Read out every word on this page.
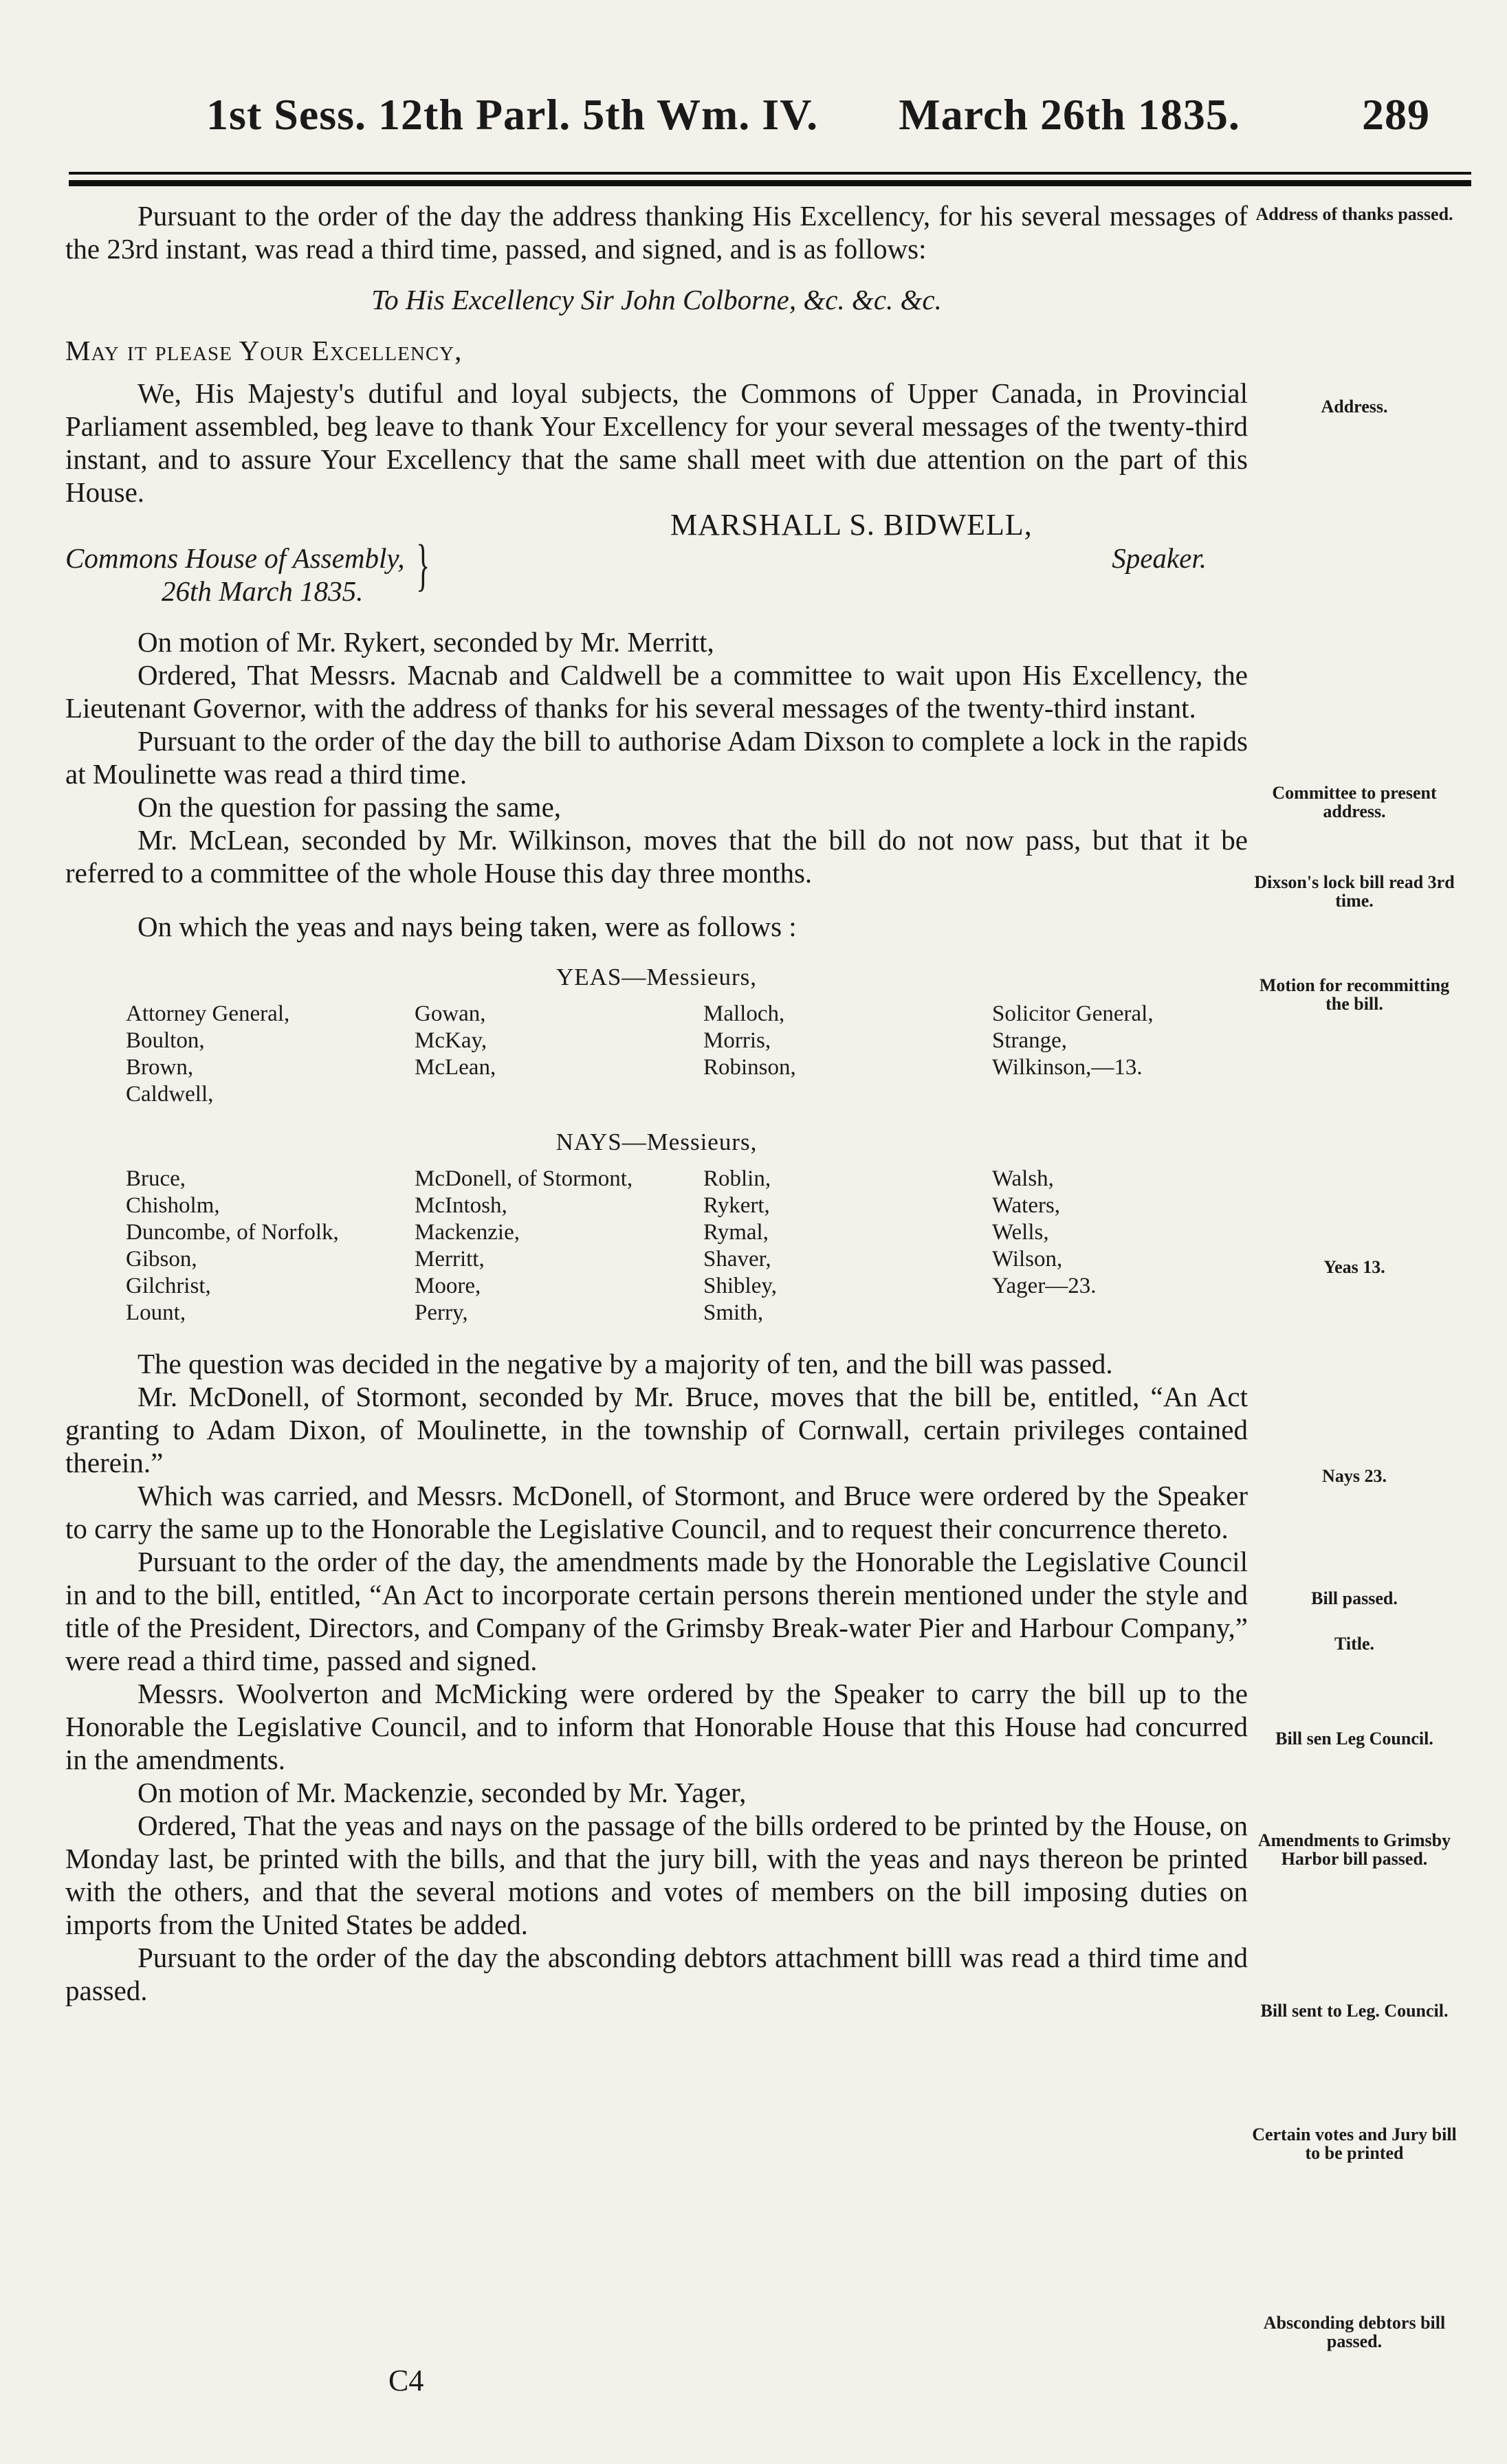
1st Sess. 12th Parl. 5th Wm. IV. March 26th 1835.	289

Pursuant to the order of the day the address thanking His Excellency, for his several messages of the 23rd instant, was read a third time, passed, and signed, and is as follows:

To His Excellency Sir John Colborne, &c. &c. &c.

May it please Your Excellency,

We, His Majesty's dutiful and loyal subjects, the Commons of Upper Canada, in Provincial Parliament assembled, beg leave to thank Your Excellency for your several messages of the twenty-third instant, and to assure Your Excellency that the same shall meet with due attention on the part of this House.

MARSHALL S. BIDWELL,

Commons House of Assembly,
26th March 1835. }	Speaker.

On motion of Mr. Rykert, seconded by Mr. Merritt,

Ordered, That Messrs. Macnab and Caldwell be a committee to wait upon His Excellency, the Lieutenant Governor, with the address of thanks for his several messages of the twenty-third instant.

Pursuant to the order of the day the bill to authorise Adam Dixson to complete a lock in the rapids at Moulinette was read a third time.

On the question for passing the same,

Mr. McLean, seconded by Mr. Wilkinson, moves that the bill do not now pass, but that it be referred to a committee of the whole House this day three months.

On which the yeas and nays being taken, were as follows :

YEAS—Messieurs,
Attorney General,	Gowan,	Malloch,	Solicitor General,
Boulton,	McKay,	Morris,	Strange,
Brown,	McLean,	Robinson,	Wilkinson,—13.
Caldwell,
NAYS—Messieurs,
Bruce,	McDonell, of Stormont,	Roblin,	Walsh,
Chisholm,	McIntosh,	Rykert,	Waters,
Duncombe, of Norfolk,	Mackenzie,	Rymal,	Wells,
Gibson,	Merritt,	Shaver,	Wilson,
Gilchrist,	Moore,	Shibley,	Yager—23.
Lount,	Perry,	Smith,

The question was decided in the negative by a majority of ten, and the bill was passed.

Mr. McDonell, of Stormont, seconded by Mr. Bruce, moves that the bill be, entitled, “An Act granting to Adam Dixon, of Moulinette, in the township of Cornwall, certain privileges contained therein.”

Which was carried, and Messrs. McDonell, of Stormont, and Bruce were ordered by the Speaker to carry the same up to the Honorable the Legislative Council, and to request their concurrence thereto.

Pursuant to the order of the day, the amendments made by the Honorable the Legislative Council in and to the bill, entitled, “An Act to incorporate certain persons therein mentioned under the style and title of the President, Directors, and Company of the Grimsby Break-water Pier and Harbour Company,” were read a third time, passed and signed.

Messrs. Woolverton and McMicking were ordered by the Speaker to carry the bill up to the Honorable the Legislative Council, and to inform that Honorable House that this House had concurred in the amendments.

On motion of Mr. Mackenzie, seconded by Mr. Yager,

Ordered, That the yeas and nays on the passage of the bills ordered to be printed by the House, on Monday last, be printed with the bills, and that the jury bill, with the yeas and nays thereon be printed with the others, and that the several motions and votes of members on the bill imposing duties on imports from the United States be added.

Pursuant to the order of the day the absconding debtors attachment billl was read a third time and passed.

Address of thanks passed.
Address.
Committee to present address.
Dixson's lock bill read 3rd time.
Motion for recommitting the bill.
Yeas 13.
Nays 23.
Bill passed.
Title.
Bill sen Leg Council.
Amendments to Grimsby Harbor bill passed.
Bill sent to Leg. Council.
Certain votes and Jury bill to be printed
Absconding debtors bill passed.
C4
